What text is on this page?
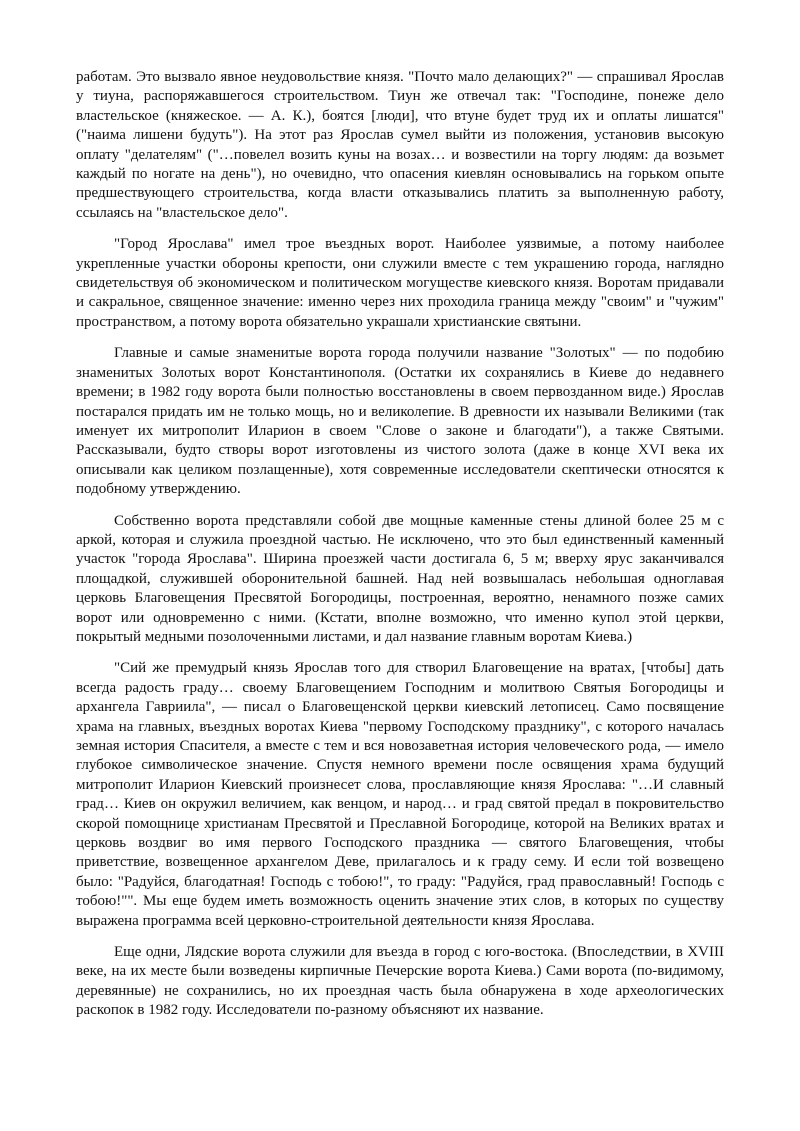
работам. Это вызвало явное неудовольствие князя. "Почто мало делающих?" — спрашивал Ярослав у тиуна, распоряжавшегося строительством. Тиун же отвечал так: "Господине, понеже дело властельское (княжеское. — А. К.), боятся [люди], что втуне будет труд их и оплаты лишатся" ("наима лишени будуть"). На этот раз Ярослав сумел выйти из положения, установив высокую оплату "делателям" ("…повелел возить куны на возах… и возвестили на торгу людям: да возьмет каждый по ногате на день"), но очевидно, что опасения киевлян основывались на горьком опыте предшествующего строительства, когда власти отказывались платить за выполненную работу, ссылаясь на "властельское дело".

"Город Ярослава" имел трое въездных ворот. Наиболее уязвимые, а потому наиболее укрепленные участки обороны крепости, они служили вместе с тем украшению города, наглядно свидетельствуя об экономическом и политическом могуществе киевского князя. Воротам придавали и сакральное, священное значение: именно через них проходила граница между "своим" и "чужим" пространством, а потому ворота обязательно украшали христианские святыни.

Главные и самые знаменитые ворота города получили название "Золотых" — по подобию знаменитых Золотых ворот Константинополя. (Остатки их сохранялись в Киеве до недавнего времени; в 1982 году ворота были полностью восстановлены в своем первозданном виде.) Ярослав постарался придать им не только мощь, но и великолепие. В древности их называли Великими (так именует их митрополит Иларион в своем "Слове о законе и благодати"), а также Святыми. Рассказывали, будто створы ворот изготовлены из чистого золота (даже в конце XVI века их описывали как целиком позлащенные), хотя современные исследователи скептически относятся к подобному утверждению.

Собственно ворота представляли собой две мощные каменные стены длиной более 25 м с аркой, которая и служила проездной частью. Не исключено, что это был единственный каменный участок "города Ярослава". Ширина проезжей части достигала 6, 5 м; вверху ярус заканчивался площадкой, служившей оборонительной башней. Над ней возвышалась небольшая одноглавая церковь Благовещения Пресвятой Богородицы, построенная, вероятно, ненамного позже самих ворот или одновременно с ними. (Кстати, вполне возможно, что именно купол этой церкви, покрытый медными позолоченными листами, и дал название главным воротам Киева.)

"Сий же премудрый князь Ярослав того для створил Благовещение на вратах, [чтобы] дать всегда радость граду… своему Благовещением Господним и молитвою Святыя Богородицы и архангела Гавриила", — писал о Благовещенской церкви киевский летописец. Само посвящение храма на главных, въездных воротах Киева "первому Господскому празднику", с которого началась земная история Спасителя, а вместе с тем и вся новозаветная история человеческого рода, — имело глубокое символическое значение. Спустя немного времени после освящения храма будущий митрополит Иларион Киевский произнесет слова, прославляющие князя Ярослава: "…И славный град… Киев он окружил величием, как венцом, и народ… и град святой предал в покровительство скорой помощнице христианам Пресвятой и Преславной Богородице, которой на Великих вратах и церковь воздвиг во имя первого Господского праздника — святого Благовещения, чтобы приветствие, возвещенное архангелом Деве, прилагалось и к граду сему. И если той возвещено было: "Радуйся, благодатная! Господь с тобою!", то граду: "Радуйся, град православный! Господь с тобою!"". Мы еще будем иметь возможность оценить значение этих слов, в которых по существу выражена программа всей церковно-строительной деятельности князя Ярослава.

Еще одни, Лядские ворота служили для въезда в город с юго-востока. (Впоследствии, в XVIII веке, на их месте были возведены кирпичные Печерские ворота Киева.) Сами ворота (по-видимому, деревянные) не сохранились, но их проездная часть была обнаружена в ходе археологических раскопок в 1982 году. Исследователи по-разному объясняют их название.
